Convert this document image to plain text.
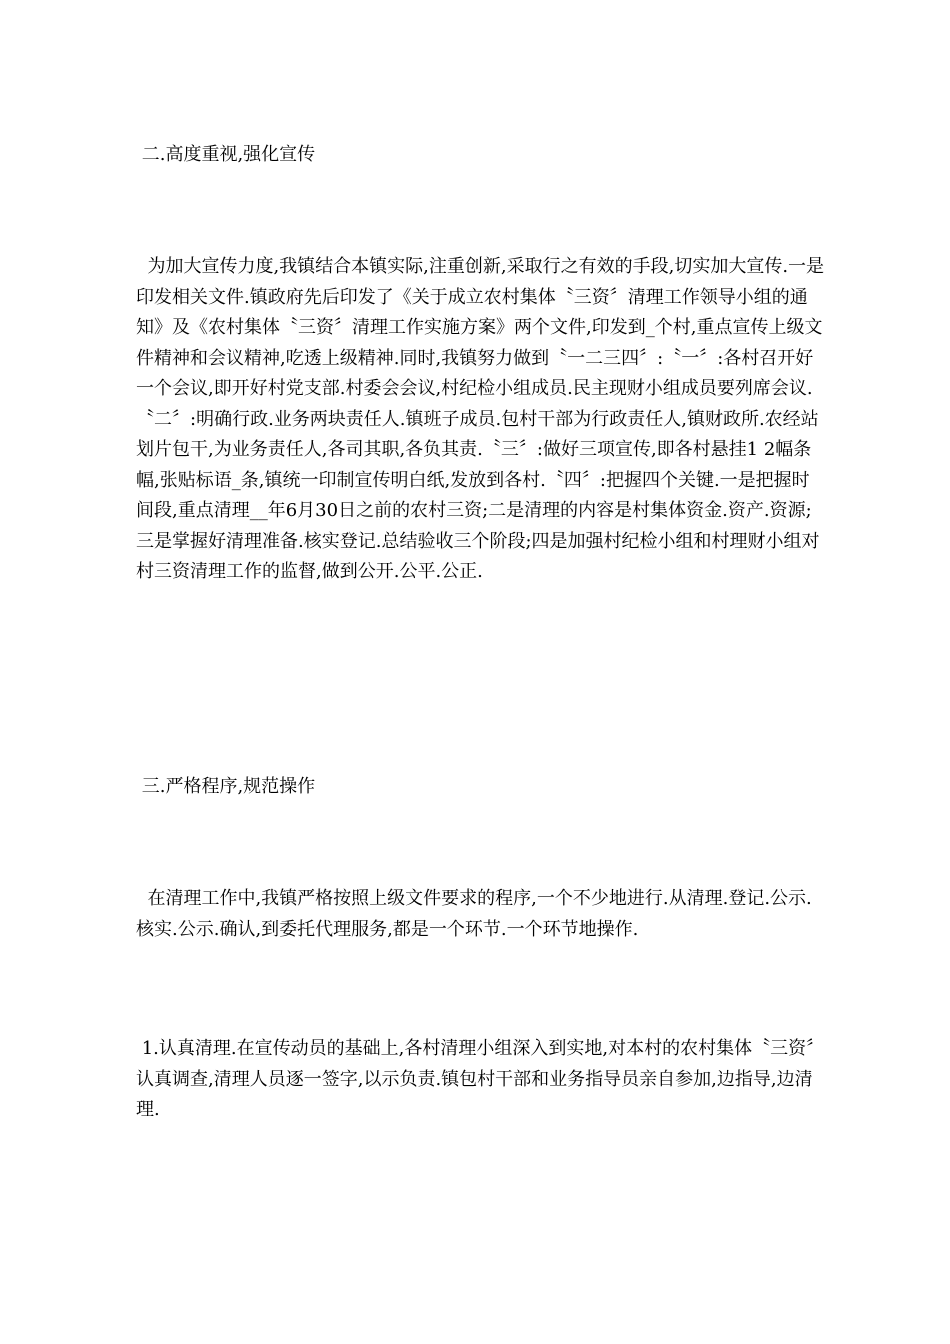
二.高度重视,强化宣传

为加大宣传力度,我镇结合本镇实际,注重创新,采取行之有效的手段,切实加大宣传.一是印发相关文件.镇政府先后印发了《关于成立农村集体〝三资〞清理工作领导小组的通知》及《农村集体〝三资〞清理工作实施方案》两个文件,印发到_个村,重点宣传上级文件精神和会议精神,吃透上级精神.同时,我镇努力做到〝一二三四〞:〝一〞:各村召开好一个会议,即开好村党支部.村委会会议,村纪检小组成员.民主现财小组成员要列席会议.〝二〞:明确行政.业务两块责任人.镇班子成员.包村干部为行政责任人,镇财政所.农经站划片包干,为业务责任人,各司其职,各负其责.〝三〞:做好三项宣传,即各村悬挂1 2幅条幅,张贴标语_条,镇统一印制宣传明白纸,发放到各村.〝四〞:把握四个关键.一是把握时间段,重点清理__年6月30日之前的农村三资;二是清理的内容是村集体资金.资产.资源;三是掌握好清理准备.核实登记.总结验收三个阶段;四是加强村纪检小组和村理财小组对村三资清理工作的监督,做到公开.公平.公正.

三.严格程序,规范操作

在清理工作中,我镇严格按照上级文件要求的程序,一个不少地进行.从清理.登记.公示.核实.公示.确认,到委托代理服务,都是一个环节.一个环节地操作.

1.认真清理.在宣传动员的基础上,各村清理小组深入到实地,对本村的农村集体〝三资〞认真调查,清理人员逐一签字,以示负责.镇包村干部和业务指导员亲自参加,边指导,边清理.
